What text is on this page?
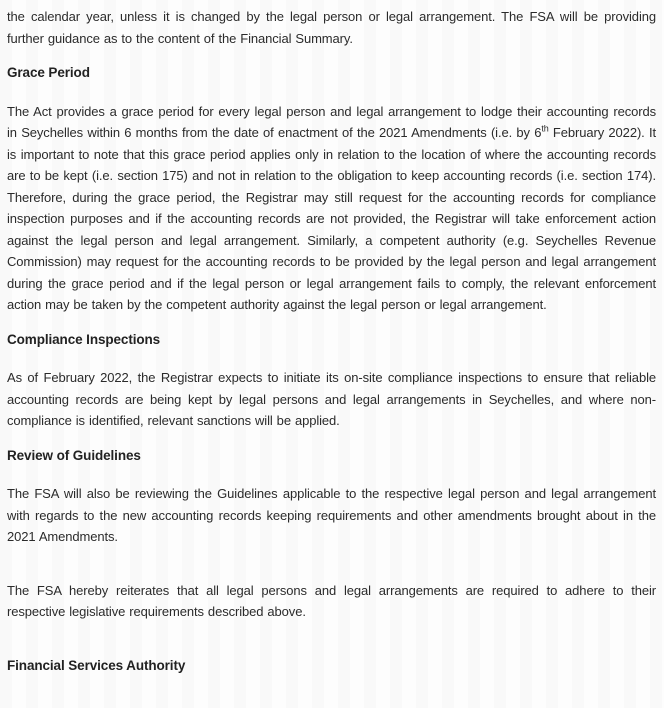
the calendar year, unless it is changed by the legal person or legal arrangement. The FSA will be providing further guidance as to the content of the Financial Summary.

Grace Period

The Act provides a grace period for every legal person and legal arrangement to lodge their accounting records in Seychelles within 6 months from the date of enactment of the 2021 Amendments (i.e. by 6th February 2022). It is important to note that this grace period applies only in relation to the location of where the accounting records are to be kept (i.e. section 175) and not in relation to the obligation to keep accounting records (i.e. section 174). Therefore, during the grace period, the Registrar may still request for the accounting records for compliance inspection purposes and if the accounting records are not provided, the Registrar will take enforcement action against the legal person and legal arrangement. Similarly, a competent authority (e.g. Seychelles Revenue Commission) may request for the accounting records to be provided by the legal person and legal arrangement during the grace period and if the legal person or legal arrangement fails to comply, the relevant enforcement action may be taken by the competent authority against the legal person or legal arrangement.

Compliance Inspections

As of February 2022, the Registrar expects to initiate its on-site compliance inspections to ensure that reliable accounting records are being kept by legal persons and legal arrangements in Seychelles, and where non-compliance is identified, relevant sanctions will be applied.

Review of Guidelines

The FSA will also be reviewing the Guidelines applicable to the respective legal person and legal arrangement with regards to the new accounting records keeping requirements and other amendments brought about in the 2021 Amendments.

The FSA hereby reiterates that all legal persons and legal arrangements are required to adhere to their respective legislative requirements described above.

Financial Services Authority
